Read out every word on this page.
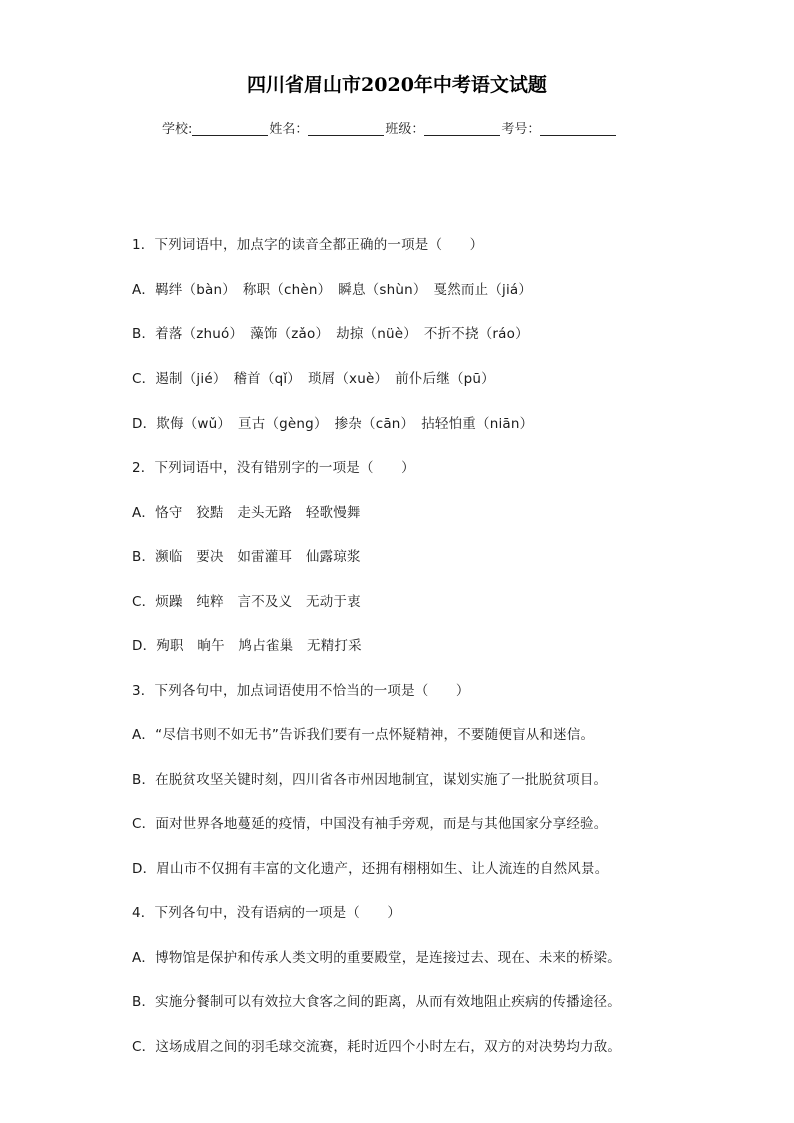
四川省眉山市2020年中考语文试题
学校:	姓名：	班级：	考号：
1．下列词语中，加点字的读音全都正确的一项是（　　）
A．羁绊（bàn）　称职（chèn）　瞬息（shùn）　戛然而止（jiá）
B．着落（zhuó）　藻饰（zǎo）　劫掠（nüè）　不折不挠（ráo）
C．遏制（jié）　稽首（qǐ）　琐屑（xuè）　前仆后继（pū）
D．欺侮（wǔ）　亘古（gèng）　掺杂（cān）　拈轻怕重（niān）
2．下列词语中，没有错别字的一项是（　　）
A．恪守　狡黠　走头无路　轻歌慢舞
B．濒临　要决　如雷灌耳　仙露琼浆
C．烦躁　纯粹　言不及义　无动于衷
D．殉职　晌午　鸠占雀巢　无精打采
3．下列各句中，加点词语使用不恰当的一项是（　　）
A．“尽信书则不如无书”告诉我们要有一点怀疑精神，不要随便盲从和迷信。
B．在脱贫攻坚关键时刻，四川省各市州因地制宜，谋划实施了一批脱贫项目。
C．面对世界各地蔓延的疫情，中国没有袖手旁观，而是与其他国家分享经验。
D．眉山市不仅拥有丰富的文化遗产，还拥有栩栩如生、让人流连的自然风景。
4．下列各句中，没有语病的一项是（　　）
A．博物馆是保护和传承人类文明的重要殿堂，是连接过去、现在、未来的桥梁。
B．实施分餐制可以有效拉大食客之间的距离，从而有效地阻止疾病的传播途径。
C．这场成眉之间的羽毛球交流赛，耗时近四个小时左右，双方的对决势均力敌。
